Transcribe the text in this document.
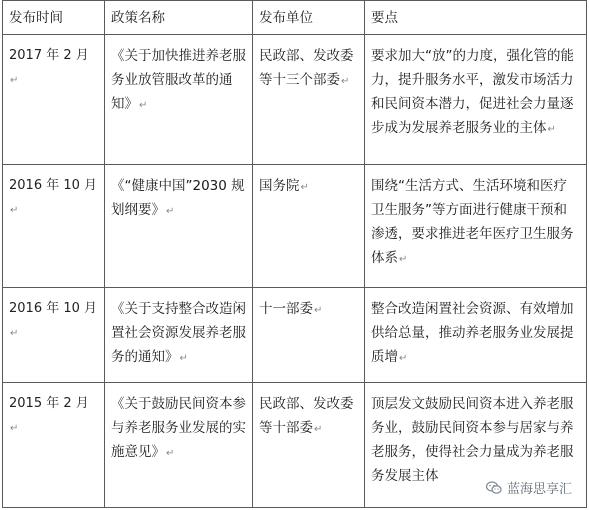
发布时间	政策名称	发布单位	要点
2017 年 2 月↵	《关于加快推进养老服务业放管服改革的通知》↵	民政部、发改委等十三个部委↵	要求加大“放”的力度，强化管的能力，提升服务水平，激发市场活力和民间资本潜力，促进社会力量逐步成为发展养老服务业的主体↵
2016 年 10 月↵	《“健康中国”2030 规划纲要》↵	国务院↵	围绕“生活方式、生活环境和医疗卫生服务”等方面进行健康干预和渗透，要求推进老年医疗卫生服务体系↵
2016 年 10 月↵	《关于支持整合改造闲置社会资源发展养老服务的通知》↵	十一部委↵	整合改造闲置社会资源、有效增加供给总量，推动养老服务业发展提质增↵
2015 年 2 月↵	《关于鼓励民间资本参与养老服务业发展的实施意见》↵	民政部、发改委等十部委↵	顶层发文鼓励民间资本进入养老服务业，鼓励民间资本参与居家与养老服务，使得社会力量成为养老服务发展主体
蓝海思享汇
